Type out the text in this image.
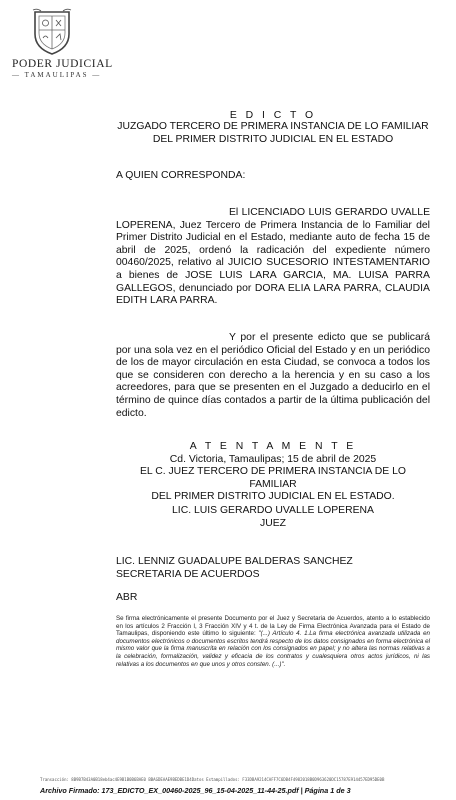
PODER JUDICIAL
— TAMAULIPAS —
E D I C T O
JUZGADO TERCERO DE PRIMERA INSTANCIA DE LO FAMILIAR
DEL PRIMER DISTRITO JUDICIAL EN EL ESTADO
A QUIEN CORRESPONDA:
El LICENCIADO LUIS GERARDO UVALLE LOPERENA, Juez Tercero de Primera Instancia de lo Familiar del Primer Distrito Judicial en el Estado, mediante auto de fecha 15 de abril de 2025, ordenó la radicación del expediente número 00460/2025, relativo al JUICIO SUCESORIO INTESTAMENTARIO a bienes de JOSE LUIS LARA GARCIA, MA. LUISA PARRA GALLEGOS, denunciado por DORA ELIA LARA PARRA, CLAUDIA EDITH LARA PARRA.
Y por el presente edicto que se publicará por una sola vez en el periódico Oficial del Estado y en un periódico de los de mayor circulación en esta Ciudad, se convoca a todos los que se consideren con derecho a la herencia y en su caso a los acreedores, para que se presenten en el Juzgado a deducirlo en el término de quince días contados a partir de la última publicación del edicto.
A T E N T A M E N T E
Cd. Victoria, Tamaulipas; 15 de abril de 2025
EL C. JUEZ TERCERO DE PRIMERA INSTANCIA DE LO FAMILIAR
DEL PRIMER DISTRITO JUDICIAL EN EL ESTADO.
LIC. LUIS GERARDO UVALLE LOPERENA
JUEZ
LIC. LENNIZ GUADALUPE BALDERAS SANCHEZ
SECRETARIA DE ACUERDOS
ABR
Se firma electrónicamente el presente Documento por el Juez y Secretaria de Acuerdos, atento a lo establecido en los artículos 2 Fracción I, 3 Fracción XIV y 4 t. de la Ley de Firma Electrónica Avanzada para el Estado de Tamaulipas, disponiendo este último lo siguiente: "(...) Artículo 4. 1.La firma electrónica avanzada utilizada en documentos electrónicos o documentos escritos tendrá respecto de los datos consignados en forma electrónica el mismo valor que la firma manuscrita en relación con los consignados en papel; y no altera las normas relativas a la celebración, formalización, validez y eficacia de los contratos y cualesquiera otros actos jurídicos, ni las relativas a los documentos en que unos y otros consten. (...)".
Transacción: 8B9B7B43A0B18eb4ac4E9B1B0B6BAE0 BBAGDEAAE9BEDBE1D4Datos Estampillados: F33DBA9214CAFF7C6DB4F4982018B0D963620DC15787E914457ED95DE0B
Archivo Firmado: 173_EDICTO_EX_00460-2025_96_15-04-2025_11-44-25.pdf | Página 1 de 3
